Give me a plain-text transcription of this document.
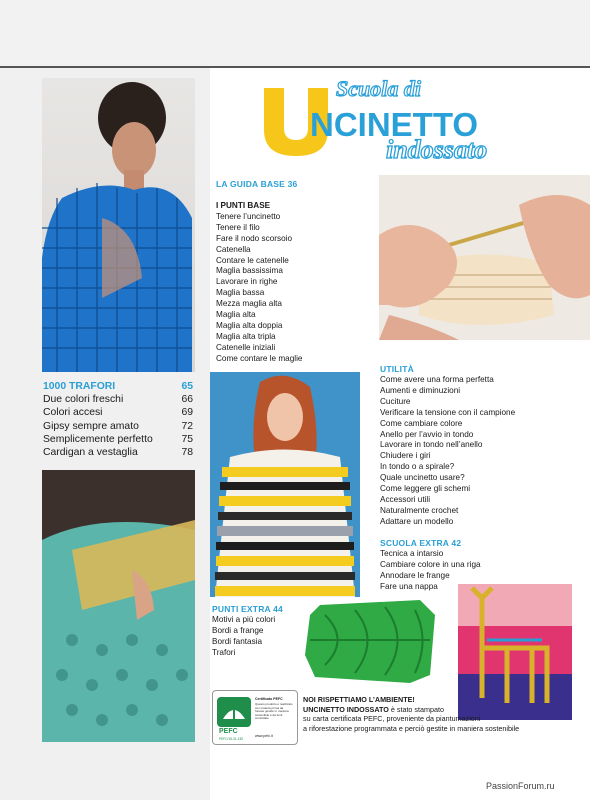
Scuola di
NCINETTO
indossato
LA GUIDA BASE 36
I PUNTI BASE
Tenere l’uncinetto
Tenere il filo
Fare il nodo scorsoio
Catenella
Contare le catenelle
Maglia bassissima
Lavorare in righe
Maglia bassa
Mezza maglia alta
Maglia alta
Maglia alta doppia
Maglia alta tripla
Catenelle iniziali
Come contare le maglie
1000 TRAFORI	65
Due colori freschi	66
Colori accesi	69
Gipsy sempre amato	72
Semplicemente perfetto	75
Cardigan a vestaglia	78
UTILITÀ
Come avere una forma perfetta
Aumenti e diminuzioni
Cuciture
Verificare la tensione con il campione
Come cambiare colore
Anello per l’avvio in tondo
Lavorare in tondo nell’anello
Chiudere i giri
In tondo o a spirale?
Quale uncinetto usare?
Come leggere gli schemi
Accessori utili
Naturalmente crochet
Adattare un modello
SCUOLA EXTRA 42
Tecnica a intarsio
Cambiare colore in una riga
Annodare le frange
Fare una nappa
PUNTI EXTRA 44
Motivi a più colori
Bordi a frange
Bordi fantasia
Trafori
PEFC
PEFC/18-31-135
Certificato PEFC
Questo prodotto è realizzato con materia prima da foreste gestite in maniera sostenibile e da fonti controllate
www.pefc.it
NOI RISPETTIAMO L’AMBIENTE!
UNCINETTO INDOSSATO è stato stampato
su carta certificata PEFC, proveniente da piantumazioni
a riforestazione programmata e perciò gestite in maniera sostenibile
PassionForum.ru
